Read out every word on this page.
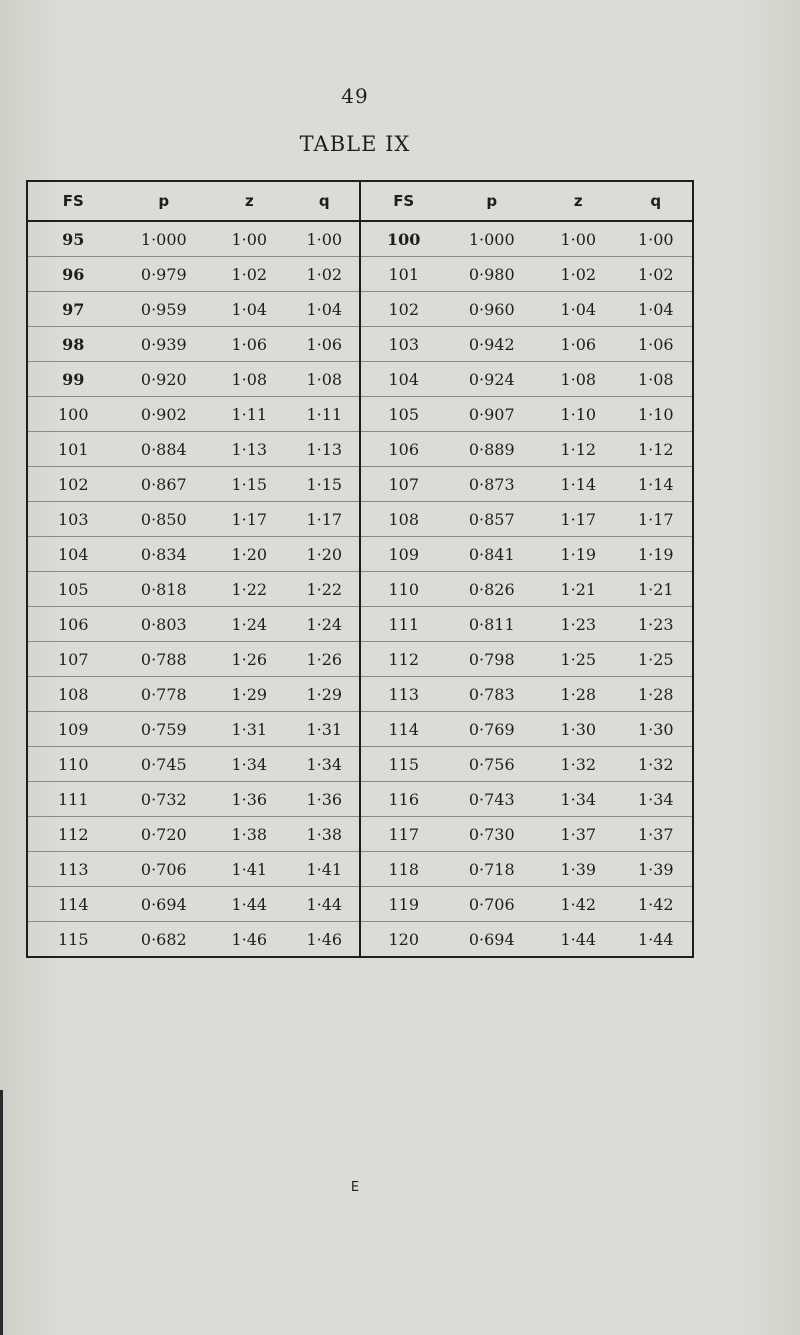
49
TABLE IX
FS	p	z	q	FS	p	z	q
95	1·000	1·00	1·00	100	1·000	1·00	1·00
96	0·979	1·02	1·02	101	0·980	1·02	1·02
97	0·959	1·04	1·04	102	0·960	1·04	1·04
98	0·939	1·06	1·06	103	0·942	1·06	1·06
99	0·920	1·08	1·08	104	0·924	1·08	1·08
100	0·902	1·11	1·11	105	0·907	1·10	1·10
101	0·884	1·13	1·13	106	0·889	1·12	1·12
102	0·867	1·15	1·15	107	0·873	1·14	1·14
103	0·850	1·17	1·17	108	0·857	1·17	1·17
104	0·834	1·20	1·20	109	0·841	1·19	1·19
105	0·818	1·22	1·22	110	0·826	1·21	1·21
106	0·803	1·24	1·24	111	0·811	1·23	1·23
107	0·788	1·26	1·26	112	0·798	1·25	1·25
108	0·778	1·29	1·29	113	0·783	1·28	1·28
109	0·759	1·31	1·31	114	0·769	1·30	1·30
110	0·745	1·34	1·34	115	0·756	1·32	1·32
111	0·732	1·36	1·36	116	0·743	1·34	1·34
112	0·720	1·38	1·38	117	0·730	1·37	1·37
113	0·706	1·41	1·41	118	0·718	1·39	1·39
114	0·694	1·44	1·44	119	0·706	1·42	1·42
115	0·682	1·46	1·46	120	0·694	1·44	1·44
E
